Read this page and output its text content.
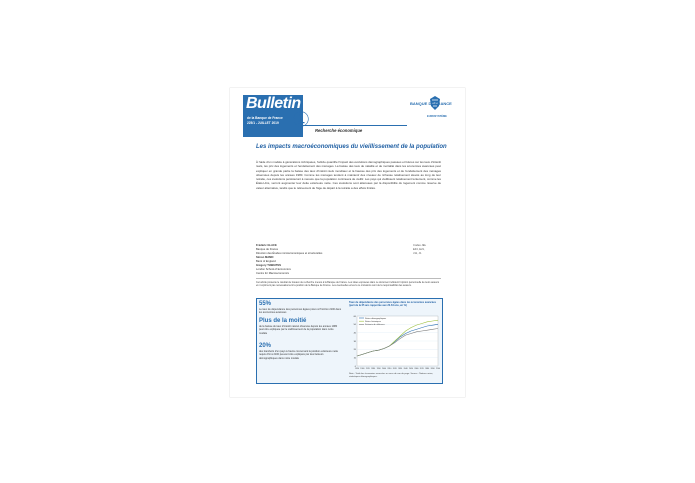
Bulletin
de la Banque de France
225/1 - JUILLET 2019
Recherche économique
BANQUE DE FRANCE
EUROSYSTÈME
Les impacts macroéconomiques du vieillissement de la population
À l'aide d'un modèle à générations imbriquées, l'article quantifie l'impact des évolutions démographiques passées et futures sur les taux d'intérêt réels, les prix des logements et l'endettement des ménages. La baisse des taux de natalité et de mortalité dans les économies avancées peut expliquer en grande partie la baisse des taux d'intérêt réels mondiaux et la hausse des prix des logements et de l'endettement des ménages observées depuis les années 1980. Comme les ménages tendent à maintenir des niveaux de richesse relativement élevés au long de leur retraite, ces évolutions persisteront à mesure que la population continuera de vieillir. Les pays qui vieillissent relativement lentement, comme les États-Unis, verront augmenter leur dette extérieure nette. Ces évolutions sont atténuées par la disponibilité du logement comme réserve de valeur alternative, tandis que le relèvement de l'âge de départ à la retraite a des effets limités.
Frédéric GLACE
Banque de France
Direction des Études microéconomiques et structurelles
Simon MAMO
Bank of England
Grégory THWAITES
London School of Economics
Centre for Macroeconomics
Codes JEL
E43, E21,
J11, J1
Cet article présente le résultat de travaux de recherche menés à la Banque de France. Les idées exposées dans ce document reflètent l'opinion personnelle de leurs auteurs et n'expriment pas nécessairement la position de la Banque de France. Les éventuelles erreurs ou omissions sont de la responsabilité des auteurs.
55%
Le taux de dépendance des personnes âgées prévu à l'horizon 2100 dans les économies avancées
Plus de la moitié
de la baisse du taux d'intérêt naturel observée depuis les années 1980 peut être expliquée par le vieillissement de la population dans notre modèle
20%
des transferts d'un pays à l'autre concernant la position extérieure nette requis d'ici à 2100 peuvent être expliqués par des facteurs démographiques dans notre modèle
Taux de dépendance des personnes âgées dans les économies avancées (part de la 65 ans rapportée aux 20-64 ans, en %)
0
10
20
30
40
50
60
1950 1960 1970 1980 1990 2000 2010 2020 2030 2040 2050 2060 2070 2080 2090 2100
Séries démographiques
Séries historiques
Scénario de référence
Note : Total des économies avancées au sens de son de page. Source : Nations unies, statistiques démographiques.
